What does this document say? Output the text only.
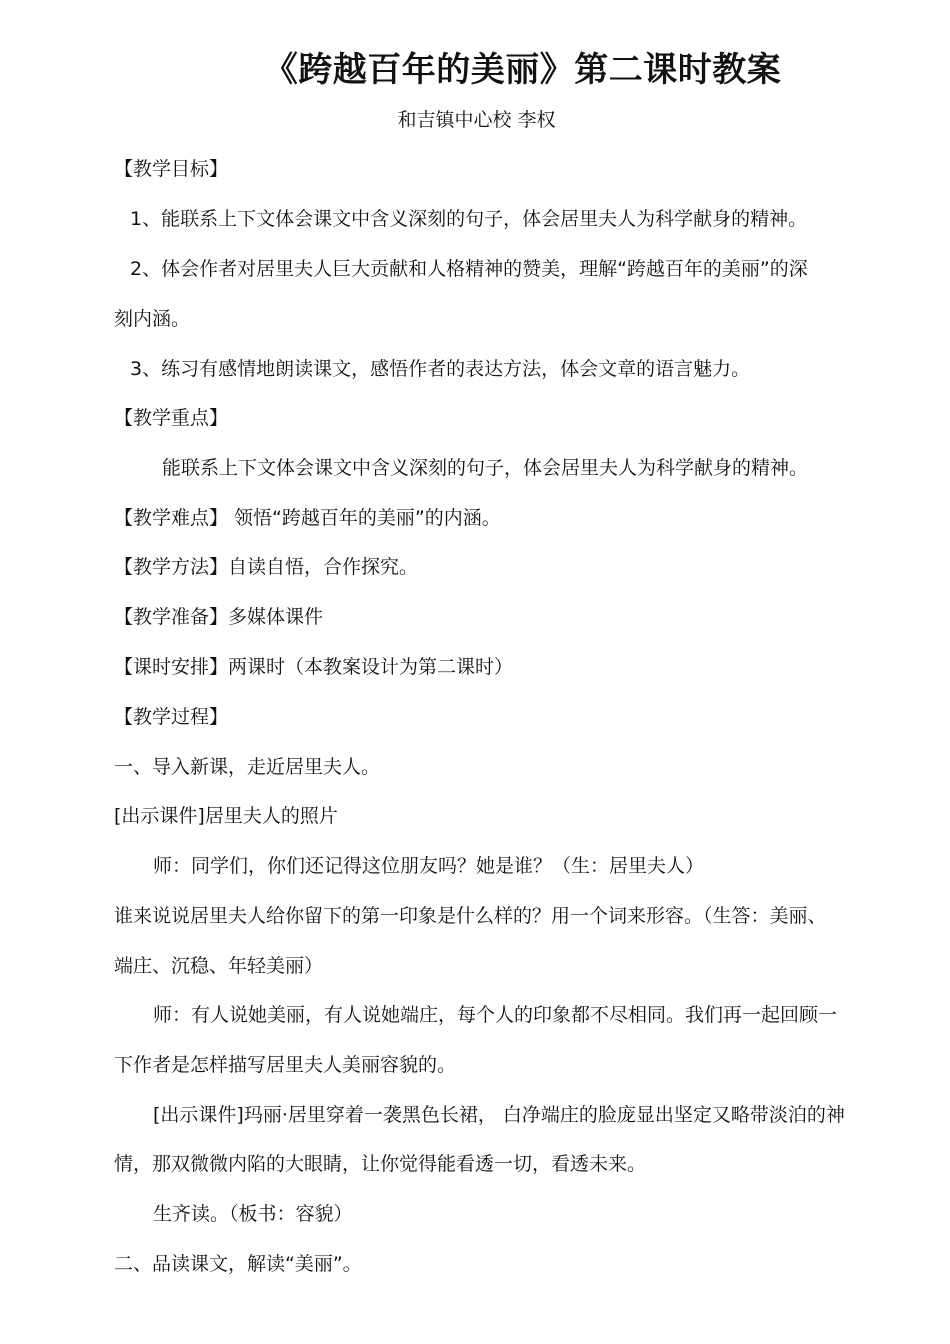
《跨越百年的美丽》第二课时教案
和吉镇中心校 李权
【教学目标】
1、能联系上下文体会课文中含义深刻的句子，体会居里夫人为科学献身的精神。
2、体会作者对居里夫人巨大贡献和人格精神的赞美，理解“跨越百年的美丽”的深
刻内涵。
3、练习有感情地朗读课文，感悟作者的表达方法，体会文章的语言魅力。
【教学重点】
能联系上下文体会课文中含义深刻的句子，体会居里夫人为科学献身的精神。
【教学难点】 领悟“跨越百年的美丽”的内涵。
【教学方法】自读自悟，合作探究。
【教学准备】多媒体课件
【课时安排】两课时（本教案设计为第二课时）
【教学过程】
一、导入新课，走近居里夫人。
[出示课件]居里夫人的照片
师：同学们，你们还记得这位朋友吗？她是谁？（生：居里夫人）
谁来说说居里夫人给你留下的第一印象是什么样的？用一个词来形容。（生答：美丽、
端庄、沉稳、年轻美丽）
师：有人说她美丽，有人说她端庄，每个人的印象都不尽相同。我们再一起回顾一
下作者是怎样描写居里夫人美丽容貌的。
[出示课件]玛丽·居里穿着一袭黑色长裙， 白净端庄的脸庞显出坚定又略带淡泊的神
情，那双微微内陷的大眼睛，让你觉得能看透一切，看透未来。
生齐读。（板书：容貌）
二、品读课文，解读“美丽”。
